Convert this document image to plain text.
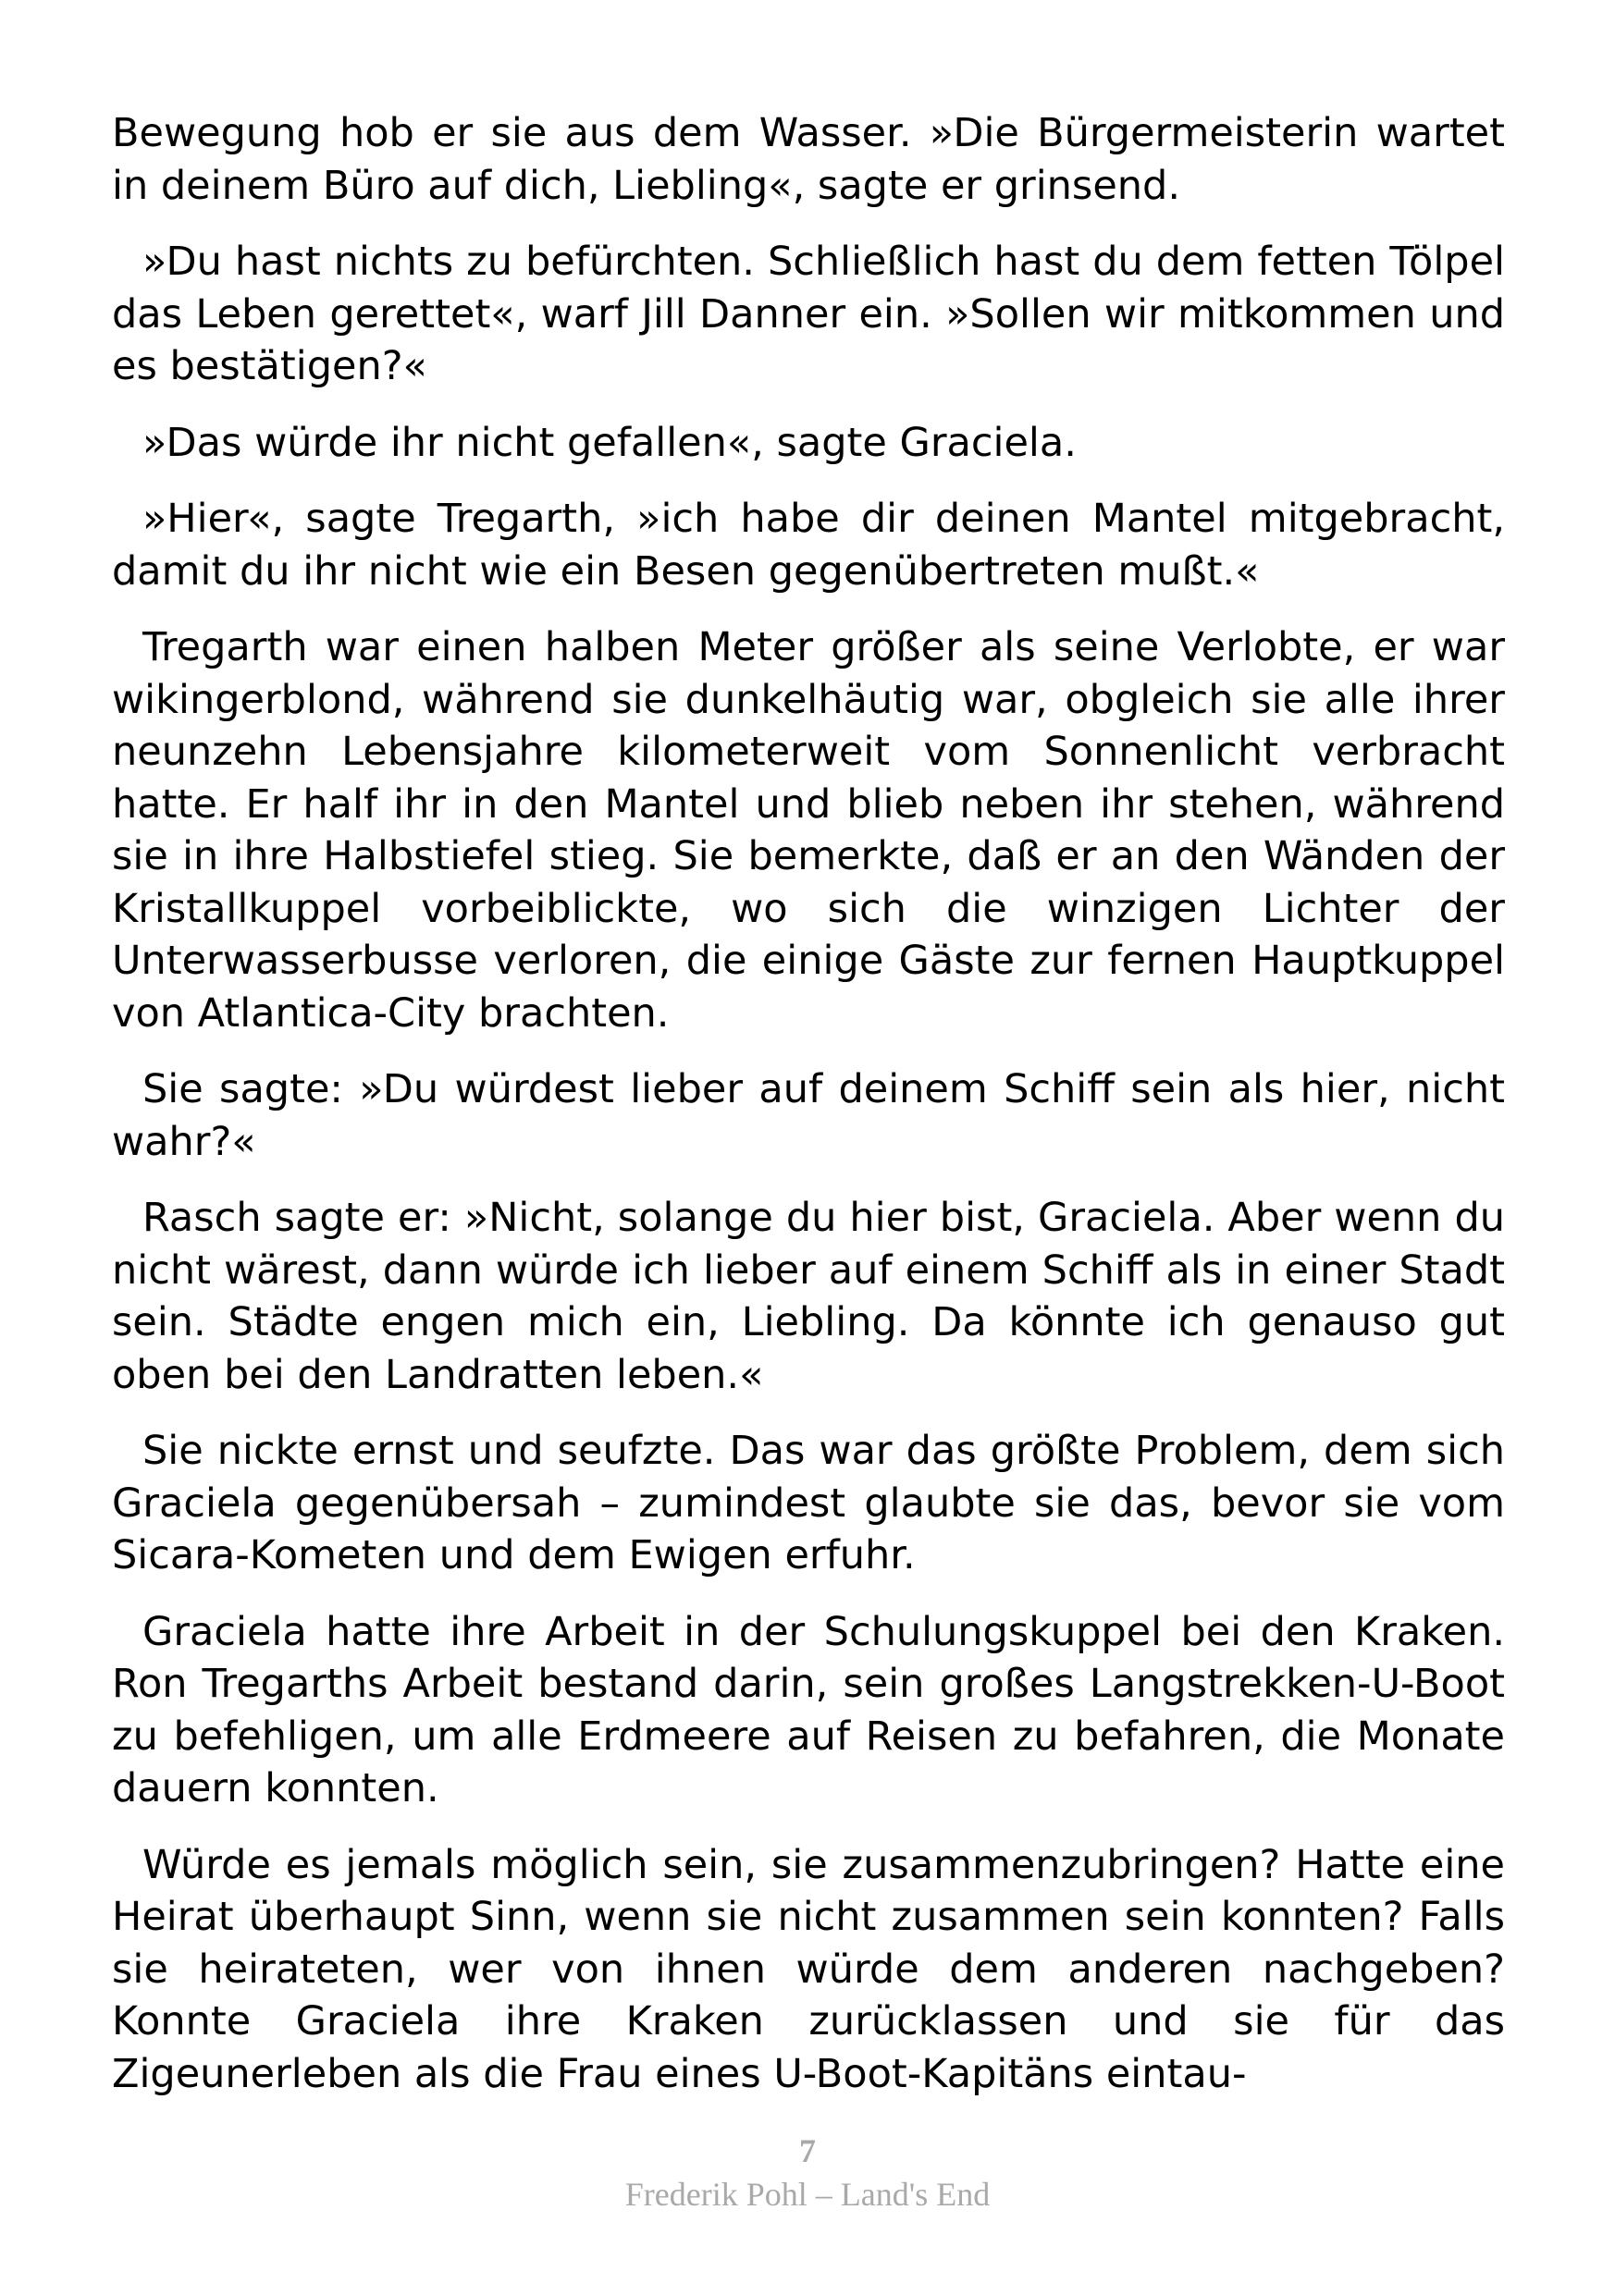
Bewegung hob er sie aus dem Wasser. »Die Bürgermeisterin wartet in deinem Büro auf dich, Liebling«, sagte er grinsend.

»Du hast nichts zu befürchten. Schließlich hast du dem fetten Tölpel das Leben gerettet«, warf Jill Danner ein. »Sollen wir mitkommen und es bestätigen?«

»Das würde ihr nicht gefallen«, sagte Graciela.

»Hier«, sagte Tregarth, »ich habe dir deinen Mantel mitgebracht, damit du ihr nicht wie ein Besen gegenübertreten mußt.«

Tregarth war einen halben Meter größer als seine Verlobte, er war wikingerblond, während sie dunkelhäutig war, obgleich sie alle ihrer neunzehn Lebensjahre kilometerweit vom Sonnenlicht verbracht hatte. Er half ihr in den Mantel und blieb neben ihr stehen, während sie in ihre Halbstiefel stieg. Sie bemerkte, daß er an den Wänden der Kristallkuppel vorbeiblickte, wo sich die winzigen Lichter der Unterwasserbusse verloren, die einige Gäste zur fernen Hauptkuppel von Atlantica-City brachten.

Sie sagte: »Du würdest lieber auf deinem Schiff sein als hier, nicht wahr?«

Rasch sagte er: »Nicht, solange du hier bist, Graciela. Aber wenn du nicht wärest, dann würde ich lieber auf einem Schiff als in einer Stadt sein. Städte engen mich ein, Liebling. Da könnte ich genauso gut oben bei den Landratten leben.«

Sie nickte ernst und seufzte. Das war das größte Problem, dem sich Graciela gegenübersah – zumindest glaubte sie das, bevor sie vom Sicara-Kometen und dem Ewigen erfuhr.

Graciela hatte ihre Arbeit in der Schulungskuppel bei den Kraken. Ron Tregarths Arbeit bestand darin, sein großes Langstrekken-U-Boot zu befehligen, um alle Erdmeere auf Reisen zu befahren, die Monate dauern konnten.

Würde es jemals möglich sein, sie zusammenzubringen? Hatte eine Heirat überhaupt Sinn, wenn sie nicht zusammen sein konnten? Falls sie heirateten, wer von ihnen würde dem anderen nachgeben? Konnte Graciela ihre Kraken zurücklassen und sie für das Zigeunerleben als die Frau eines U-Boot-Kapitäns eintau-

7
Frederik Pohl – Land's End
